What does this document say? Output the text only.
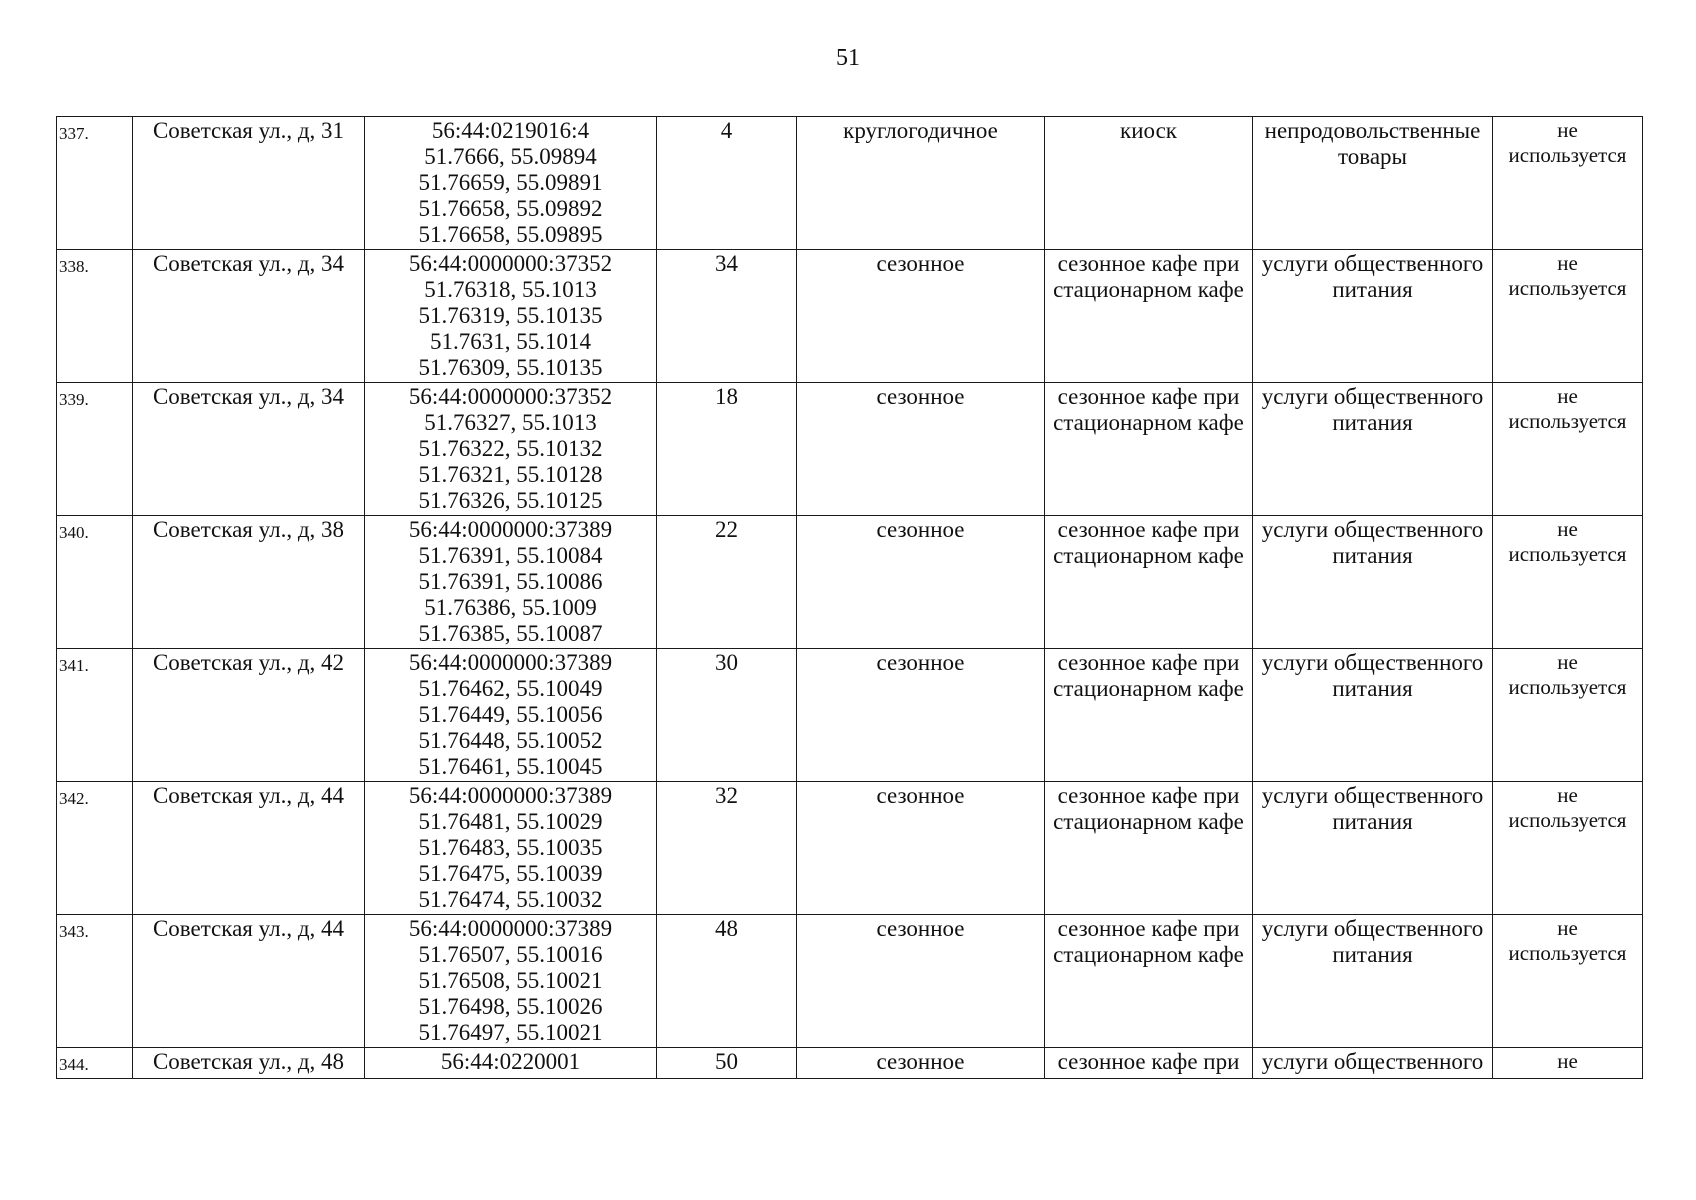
51
337.	Советская ул., д, 31	56:44:0219016:4
51.7666, 55.09894
51.76659, 55.09891
51.76658, 55.09892
51.76658, 55.09895	4	круглогодичное	киоск	непродовольственные
товары	не
используется

338.	Советская ул., д, 34	56:44:0000000:37352
51.76318, 55.1013
51.76319, 55.10135
51.7631, 55.1014
51.76309, 55.10135	34	сезонное	сезонное кафе при
стационарном кафе	услуги общественного
питания	не
используется

339.	Советская ул., д, 34	56:44:0000000:37352
51.76327, 55.1013
51.76322, 55.10132
51.76321, 55.10128
51.76326, 55.10125	18	сезонное	сезонное кафе при
стационарном кафе	услуги общественного
питания	не
используется

340.	Советская ул., д, 38	56:44:0000000:37389
51.76391, 55.10084
51.76391, 55.10086
51.76386, 55.1009
51.76385, 55.10087	22	сезонное	сезонное кафе при
стационарном кафе	услуги общественного
питания	не
используется

341.	Советская ул., д, 42	56:44:0000000:37389
51.76462, 55.10049
51.76449, 55.10056
51.76448, 55.10052
51.76461, 55.10045	30	сезонное	сезонное кафе при
стационарном кафе	услуги общественного
питания	не
используется

342.	Советская ул., д, 44	56:44:0000000:37389
51.76481, 55.10029
51.76483, 55.10035
51.76475, 55.10039
51.76474, 55.10032	32	сезонное	сезонное кафе при
стационарном кафе	услуги общественного
питания	не
используется

343.	Советская ул., д, 44	56:44:0000000:37389
51.76507, 55.10016
51.76508, 55.10021
51.76498, 55.10026
51.76497, 55.10021	48	сезонное	сезонное кафе при
стационарном кафе	услуги общественного
питания	не
используется

344.	Советская ул., д, 48	56:44:0220001	50	сезонное	сезонное кафе при	услуги общественного	не
